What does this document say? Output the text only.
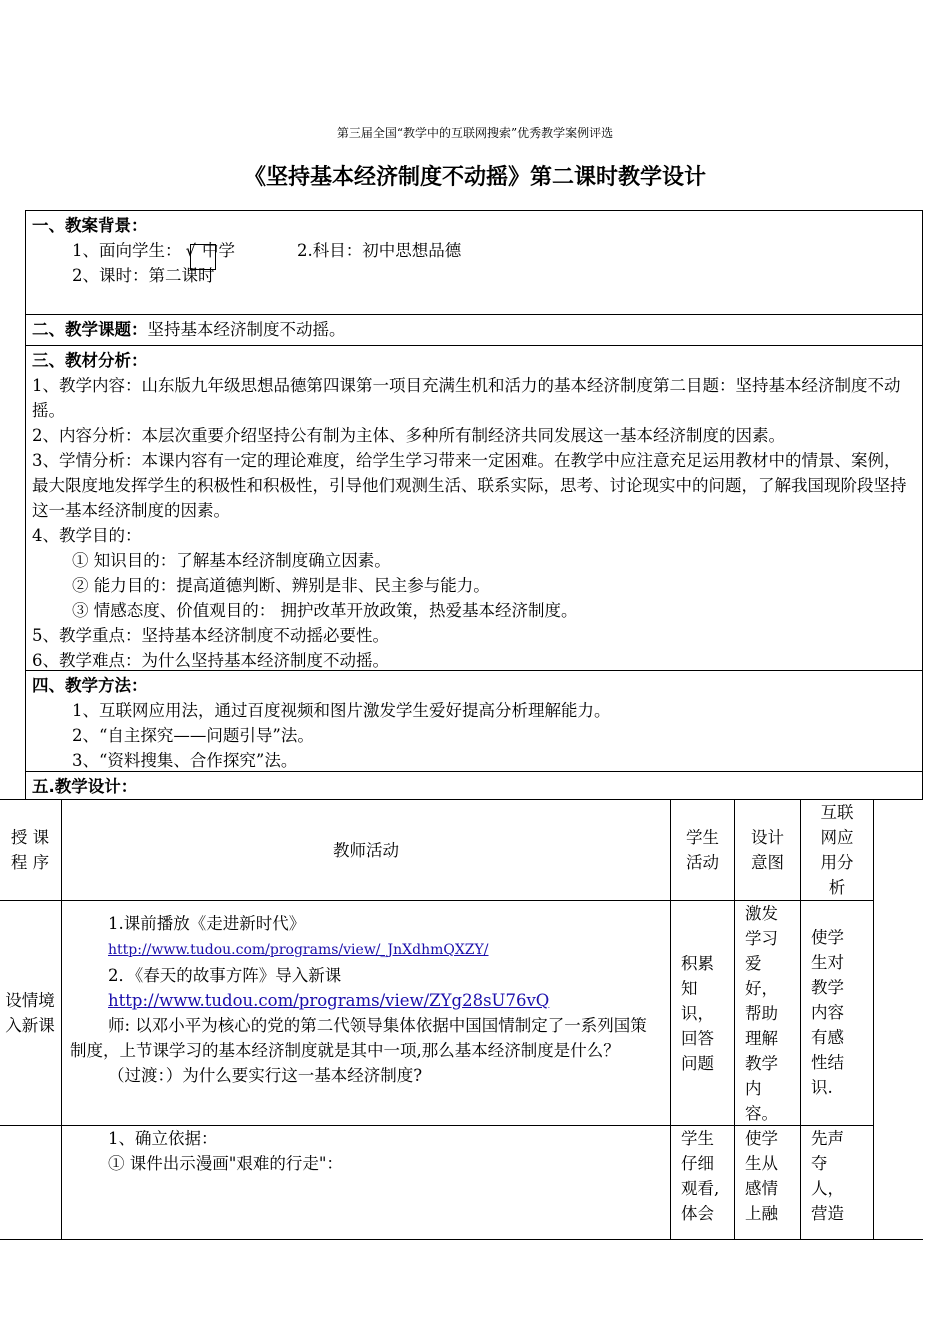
第三届全国“教学中的互联网搜索”优秀教学案例评选
《坚持基本经济制度不动摇》第二课时教学设计
一、教案背景：
1、面向学生： √ 中学	2.科目：初中思想品德
2、课时：第二课时
二、教学课题：坚持基本经济制度不动摇。
三、教材分析：
1、教学内容：山东版九年级思想品德第四课第一项目充满生机和活力的基本经济制度第二目题：坚持基本经济制度不动摇。
2、内容分析：本层次重要介绍坚持公有制为主体、多种所有制经济共同发展这一基本经济制度的因素。
3、学情分析：本课内容有一定的理论难度，给学生学习带来一定困难。在教学中应注意充足运用教材中的情景、案例，最大限度地发挥学生的积极性和积极性，引导他们观测生活、联系实际，思考、讨论现实中的问题，了解我国现阶段坚持这一基本经济制度的因素。
4、教学目的：
① 知识目的：了解基本经济制度确立因素。
② 能力目的：提高道德判断、辨别是非、民主参与能力。
③ 情感态度、价值观目的： 拥护改革开放政策，热爱基本经济制度。
5、教学重点：坚持基本经济制度不动摇必要性。
6、教学难点：为什么坚持基本经济制度不动摇。
四、教学方法：
1、互联网应用法，通过百度视频和图片激发学生爱好提高分析理解能力。
2、“自主探究——问题引导”法。
3、“资料搜集、合作探究”法。
五.教学设计：
授 课
程 序
教师活动
学生
活动
设计
意图
互联
网应
用分
析
设情境
入新课
1.课前播放《走进新时代》
http://www.tudou.com/programs/view/_JnXdhmQXZY/
2．《春天的故事方阵》导入新课
http://www.tudou.com/programs/view/ZYg28sU76vQ
师: 以邓小平为核心的党的第二代领导集体依据中国国情制定了一系列国策制度，上节课学习的基本经济制度就是其中一项,那么基本经济制度是什么？
（过渡：）为什么要实行这一基本经济制度?
积累
知
识，
回答
问题
激发
学习
爱
好，
帮助
理解
教学
内
容。
使学
生对
教学
内容
有感
性结
识.
1、确立依据：
① 课件出示漫画"艰难的行走"：
学生
仔细
观看,
体会
使学
生从
感情
上融
先声
夺
人，
营造
